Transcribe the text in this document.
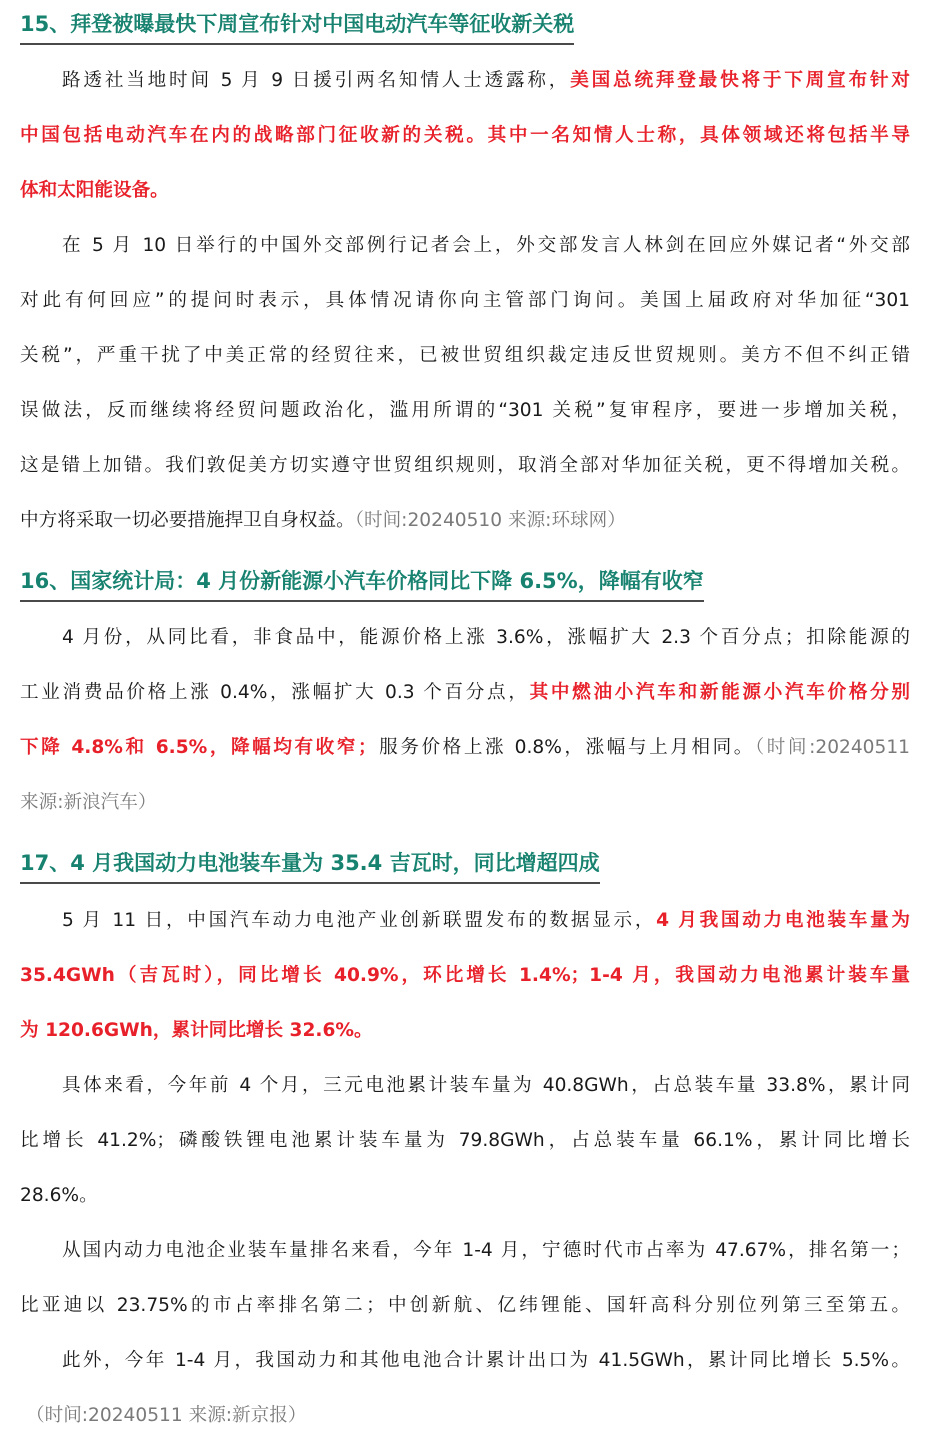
15、拜登被曝最快下周宣布针对中国电动汽车等征收新关税
路透社当地时间 5 月 9 日援引两名知情人士透露称，美国总统拜登最快将于下周宣布针对
中国包括电动汽车在内的战略部门征收新的关税。其中一名知情人士称，具体领域还将包括半导
体和太阳能设备。
在 5 月 10 日举行的中国外交部例行记者会上，外交部发言人林剑在回应外媒记者“外交部
对此有何回应”的提问时表示，具体情况请你向主管部门询问。美国上届政府对华加征“301
关税”，严重干扰了中美正常的经贸往来，已被世贸组织裁定违反世贸规则。美方不但不纠正错
误做法，反而继续将经贸问题政治化，滥用所谓的“301 关税”复审程序，要进一步增加关税，
这是错上加错。我们敦促美方切实遵守世贸组织规则，取消全部对华加征关税，更不得增加关税。
中方将采取一切必要措施捍卫自身权益。（时间:20240510 来源:环球网）
16、国家统计局：4 月份新能源小汽车价格同比下降 6.5%，降幅有收窄
4 月份，从同比看，非食品中，能源价格上涨 3.6%，涨幅扩大 2.3 个百分点；扣除能源的
工业消费品价格上涨 0.4%，涨幅扩大 0.3 个百分点，其中燃油小汽车和新能源小汽车价格分别
下降 4.8%和 6.5%，降幅均有收窄；服务价格上涨 0.8%，涨幅与上月相同。（时间:20240511
来源:新浪汽车）
17、4 月我国动力电池装车量为 35.4 吉瓦时，同比增超四成
5 月 11 日，中国汽车动力电池产业创新联盟发布的数据显示，4 月我国动力电池装车量为
35.4GWh（吉瓦时），同比增长 40.9%，环比增长 1.4%；1-4 月，我国动力电池累计装车量
为 120.6GWh，累计同比增长 32.6%。
具体来看，今年前 4 个月，三元电池累计装车量为 40.8GWh，占总装车量 33.8%，累计同
比增长 41.2%；磷酸铁锂电池累计装车量为 79.8GWh，占总装车量 66.1%，累计同比增长
28.6%。
从国内动力电池企业装车量排名来看，今年 1-4 月，宁德时代市占率为 47.67%，排名第一；
比亚迪以 23.75%的市占率排名第二；中创新航、亿纬锂能、国轩高科分别位列第三至第五。
此外，今年 1-4 月，我国动力和其他电池合计累计出口为 41.5GWh，累计同比增长 5.5%。
（时间:20240511 来源:新京报）
